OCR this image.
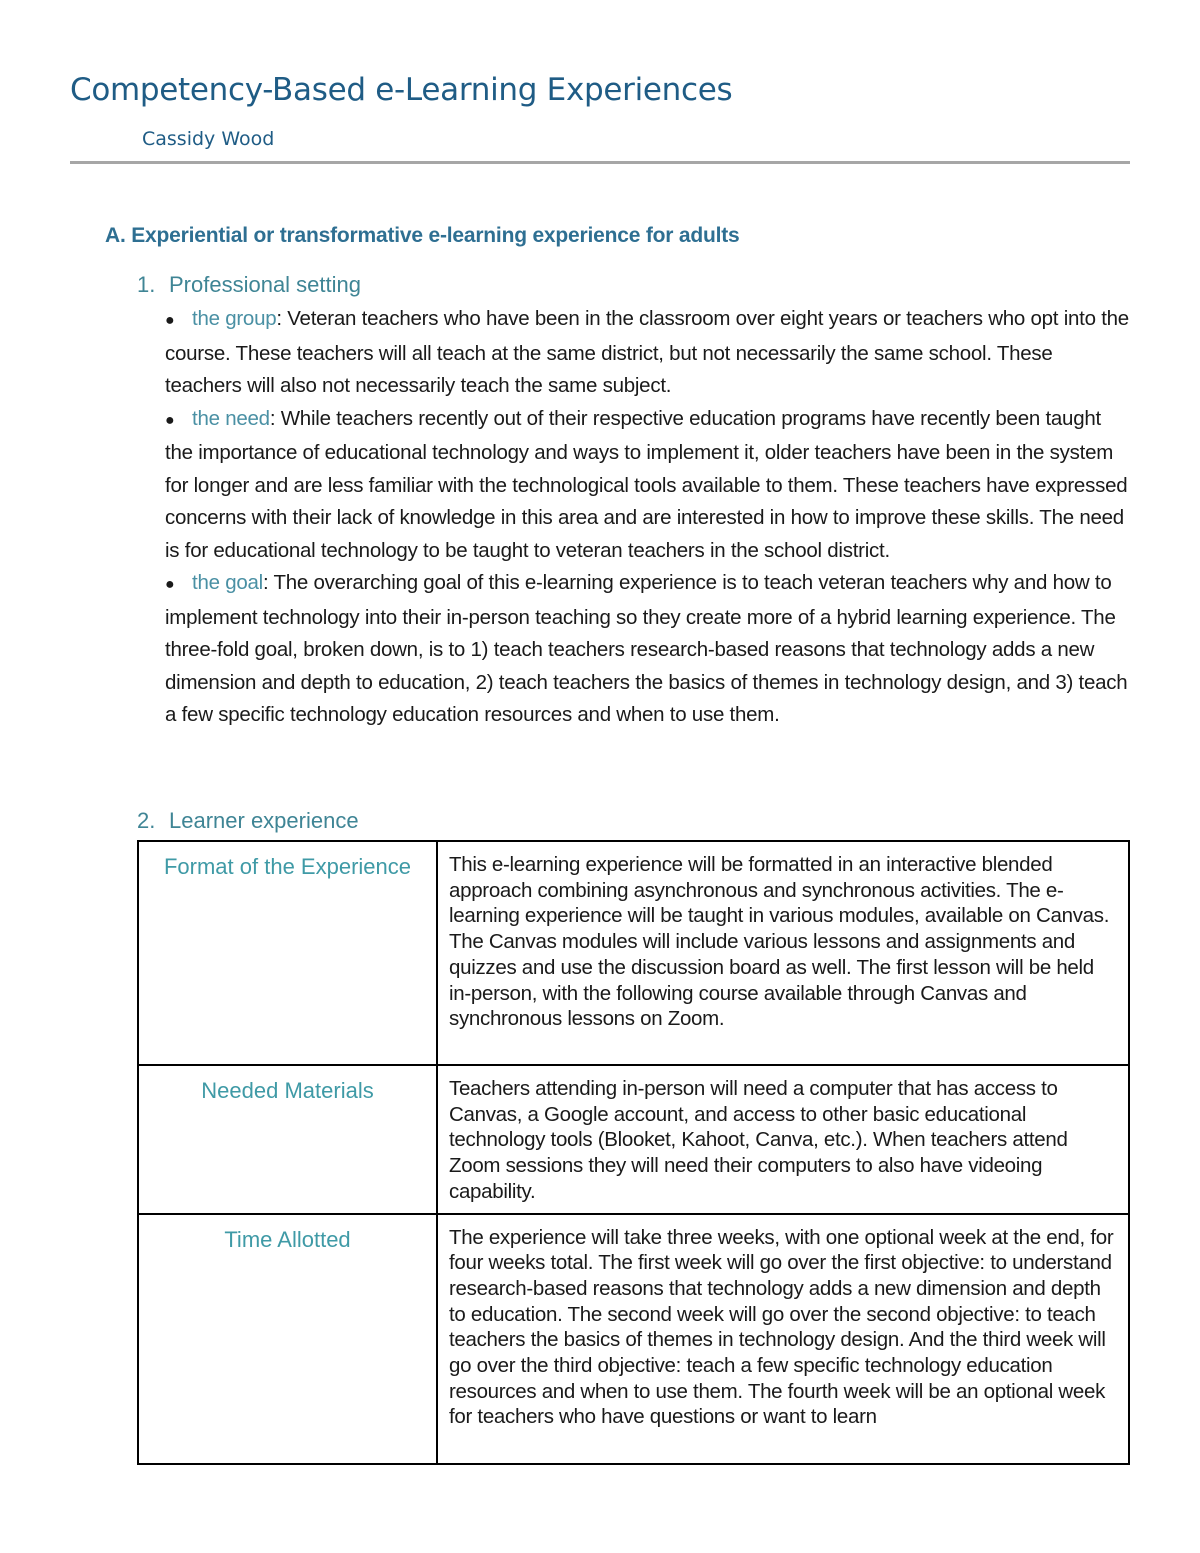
Competency-Based e-Learning Experiences

Cassidy Wood

A. Experiential or transformative e-learning experience for adults
1. Professional setting
● the group: Veteran teachers who have been in the classroom over eight years or teachers who opt into the course. These teachers will all teach at the same district, but not necessarily the same school. These teachers will also not necessarily teach the same subject.
● the need: While teachers recently out of their respective education programs have recently been taught the importance of educational technology and ways to implement it, older teachers have been in the system for longer and are less familiar with the technological tools available to them. These teachers have expressed concerns with their lack of knowledge in this area and are interested in how to improve these skills. The need is for educational technology to be taught to veteran teachers in the school district.
● the goal: The overarching goal of this e-learning experience is to teach veteran teachers why and how to implement technology into their in-person teaching so they create more of a hybrid learning experience. The three-fold goal, broken down, is to 1) teach teachers research-based reasons that technology adds a new dimension and depth to education, 2) teach teachers the basics of themes in technology design, and 3) teach a few specific technology education resources and when to use them.
2. Learner experience
Format of the Experience	This e-learning experience will be formatted in an interactive blended approach combining asynchronous and synchronous activities. The e-learning experience will be taught in various modules, available on Canvas. The Canvas modules will include various lessons and assignments and quizzes and use the discussion board as well. The first lesson will be held in-person, with the following course available through Canvas and synchronous lessons on Zoom.
Needed Materials	Teachers attending in-person will need a computer that has access to Canvas, a Google account, and access to other basic educational technology tools (Blooket, Kahoot, Canva, etc.). When teachers attend Zoom sessions they will need their computers to also have videoing capability.
Time Allotted	The experience will take three weeks, with one optional week at the end, for four weeks total. The first week will go over the first objective: to understand research-based reasons that technology adds a new dimension and depth to education. The second week will go over the second objective: to teach teachers the basics of themes in technology design. And the third week will go over the third objective: teach a few specific technology education resources and when to use them. The fourth week will be an optional week for teachers who have questions or want to learn
